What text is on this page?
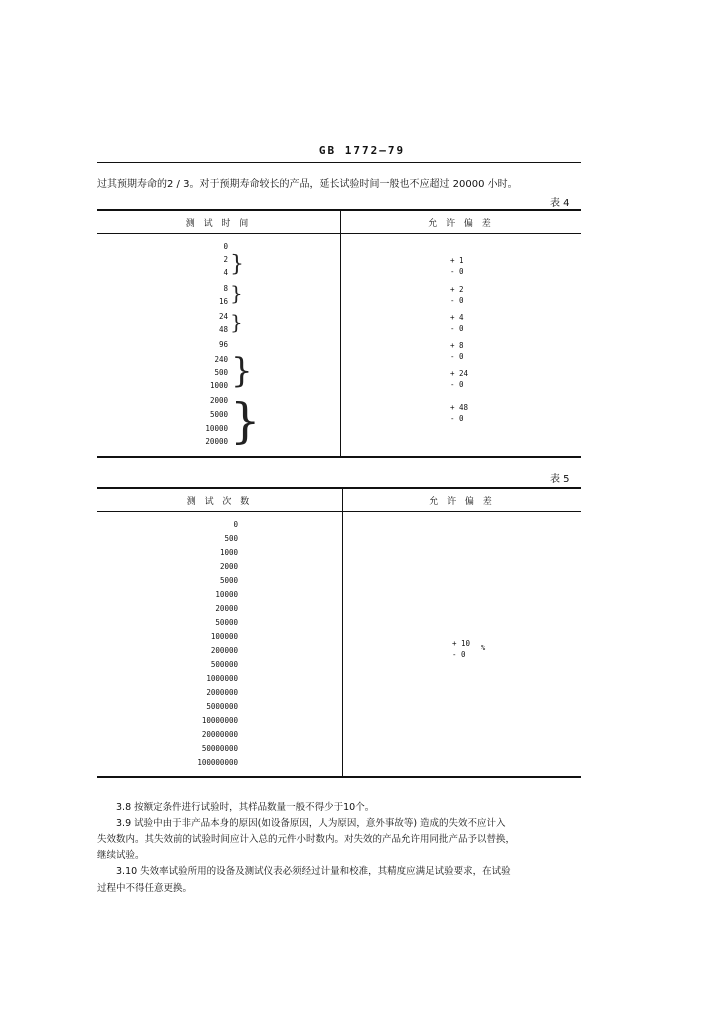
GB 1772—79
过其预期寿命的2 / 3。对于预期寿命较长的产品，延长试验时间一般也不应超过 20000 小时。
表 4
测 试 时 间	允 许 偏 差
0
2
4
8
16
24
48
96
240
500
1000
2000
5000
10000
20000
}
}
}
}
}
+ 1
- 0
+ 2
- 0
+ 4
- 0
+ 8
- 0
+ 24
- 0
+ 48
- 0
表 5
测 试 次 数	允 许 偏 差
0
500
1000
2000
5000
10000
20000
50000
100000
200000
500000
1000000
2000000
5000000
10000000
20000000
50000000
100000000
+ 10
- 0
%
3.8 按额定条件进行试验时，其样品数量一般不得少于10个。
3.9 试验中由于非产品本身的原因(如设备原因，人为原因，意外事故等) 造成的失效不应计入
失效数内。其失效前的试验时间应计入总的元件小时数内。对失效的产品允许用同批产品予以替换，
继续试验。
3.10 失效率试验所用的设备及测试仪表必须经过计量和校准，其精度应满足试验要求，在试验
过程中不得任意更换。
